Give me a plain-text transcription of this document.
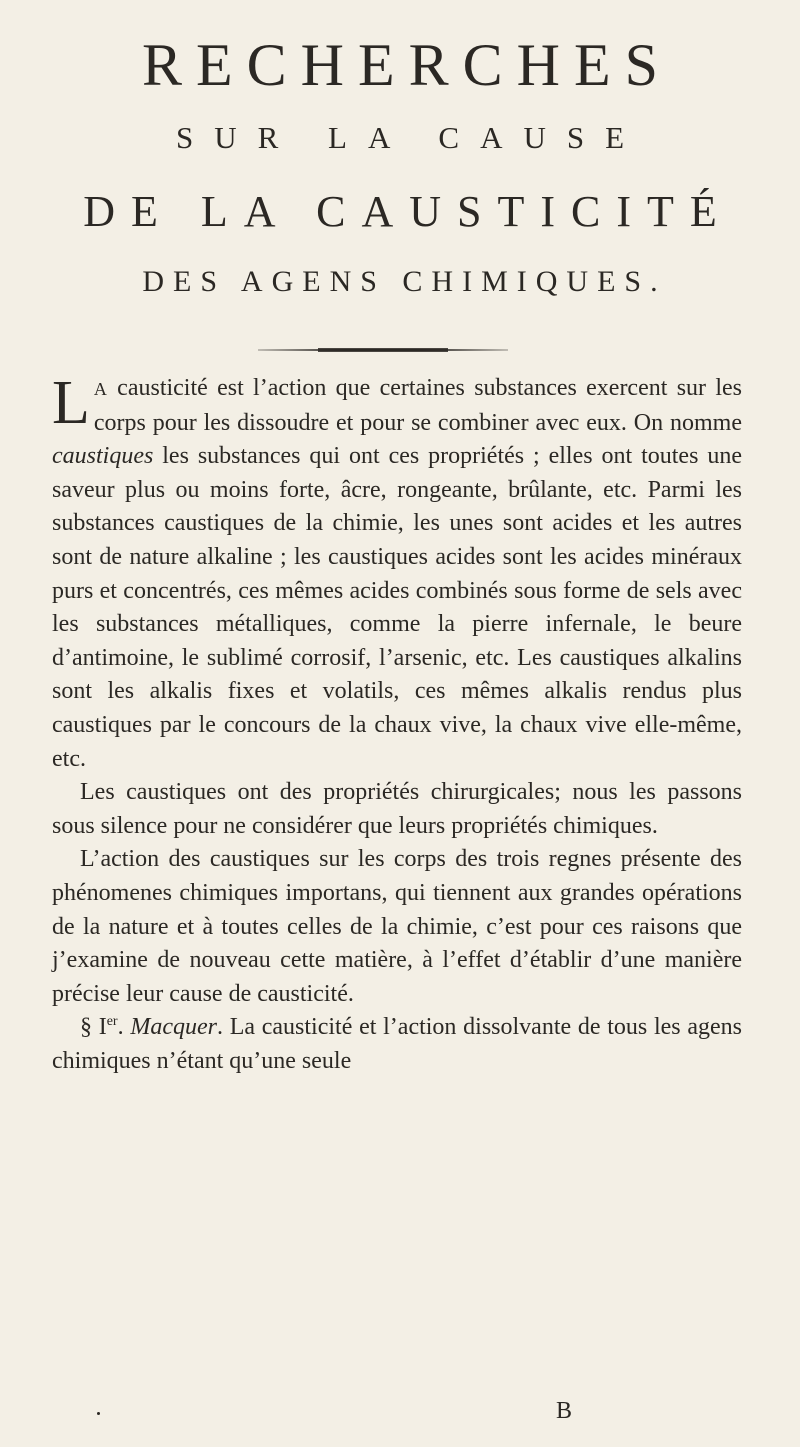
RECHERCHES
SUR LA CAUSE
DE LA CAUSTICITÉ
DES AGENS CHIMIQUES.

L A causticité est l’action que certaines substances exercent sur les corps pour les dissoudre et pour se combiner avec eux. On nomme caustiques les substances qui ont ces propriétés ; elles ont toutes une saveur plus ou moins forte, âcre, rongeante, brûlante, etc. Parmi les substances caustiques de la chimie, les unes sont acides et les autres sont de nature alkaline ; les caustiques acides sont les acides minéraux purs et concentrés, ces mêmes acides combinés sous forme de sels avec les substances métalliques, comme la pierre infernale, le beure d’antimoine, le sublimé corrosif, l’arsenic, etc. Les caustiques alkalins sont les alkalis fixes et volatils, ces mêmes alkalis rendus plus caustiques par le concours de la chaux vive, la chaux vive elle-même, etc.

Les caustiques ont des propriétés chirurgicales; nous les passons sous silence pour ne considérer que leurs propriétés chimiques.

L’action des caustiques sur les corps des trois regnes présente des phénomenes chimiques importans, qui tiennent aux grandes opérations de la nature et à toutes celles de la chimie, c’est pour ces raisons que j’examine de nouveau cette matière, à l’effet d’établir d’une manière précise leur cause de causticité.

§ Ier. Macquer. La causticité et l’action dissolvante de tous les agens chimiques n’étant qu’une seule

B
